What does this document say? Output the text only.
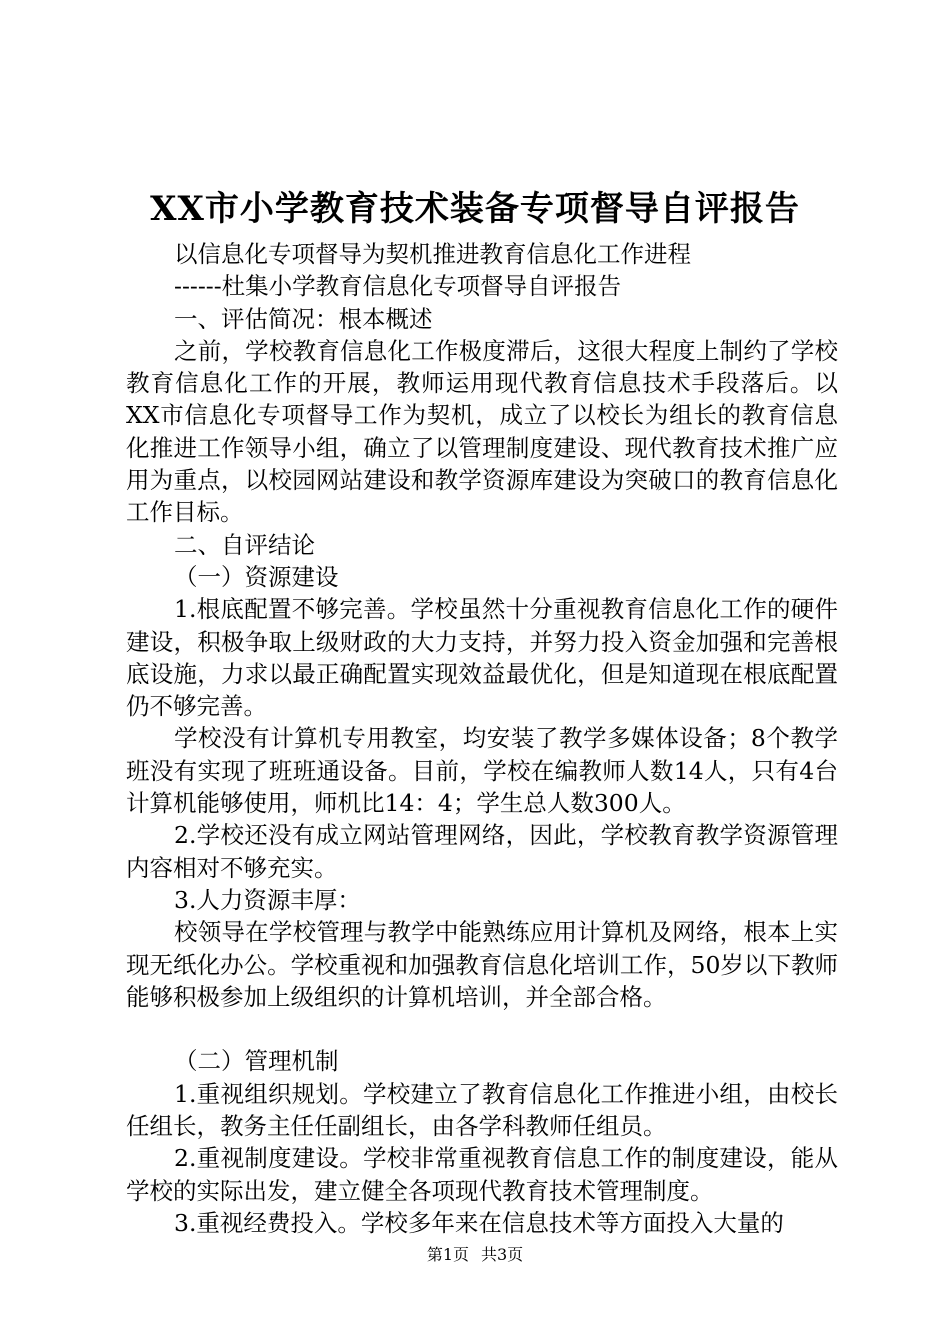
XX市小学教育技术装备专项督导自评报告

以信息化专项督导为契机推进教育信息化工作进程

------杜集小学教育信息化专项督导自评报告

一、评估简况：根本概述

之前，学校教育信息化工作极度滞后，这很大程度上制约了学校教育信息化工作的开展，教师运用现代教育信息技术手段落后。以XX市信息化专项督导工作为契机，成立了以校长为组长的教育信息化推进工作领导小组，确立了以管理制度建设、现代教育技术推广应用为重点，以校园网站建设和教学资源库建设为突破口的教育信息化工作目标。

二、自评结论

（一）资源建设

1.根底配置不够完善。学校虽然十分重视教育信息化工作的硬件建设，积极争取上级财政的大力支持，并努力投入资金加强和完善根底设施，力求以最正确配置实现效益最优化，但是知道现在根底配置仍不够完善。

学校没有计算机专用教室，均安装了教学多媒体设备；8个教学班没有实现了班班通设备。目前，学校在编教师人数14人，只有4台计算机能够使用，师机比14：4；学生总人数300人。

2.学校还没有成立网站管理网络，因此，学校教育教学资源管理内容相对不够充实。

3.人力资源丰厚：

校领导在学校管理与教学中能熟练应用计算机及网络，根本上实现无纸化办公。学校重视和加强教育信息化培训工作，50岁以下教师能够积极参加上级组织的计算机培训，并全部合格。

（二）管理机制

1.重视组织规划。学校建立了教育信息化工作推进小组，由校长任组长，教务主任任副组长，由各学科教师任组员。

2.重视制度建设。学校非常重视教育信息工作的制度建设，能从学校的实际出发，建立健全各项现代教育技术管理制度。

3.重视经费投入。学校多年来在信息技术等方面投入大量的

第1页 共3页
